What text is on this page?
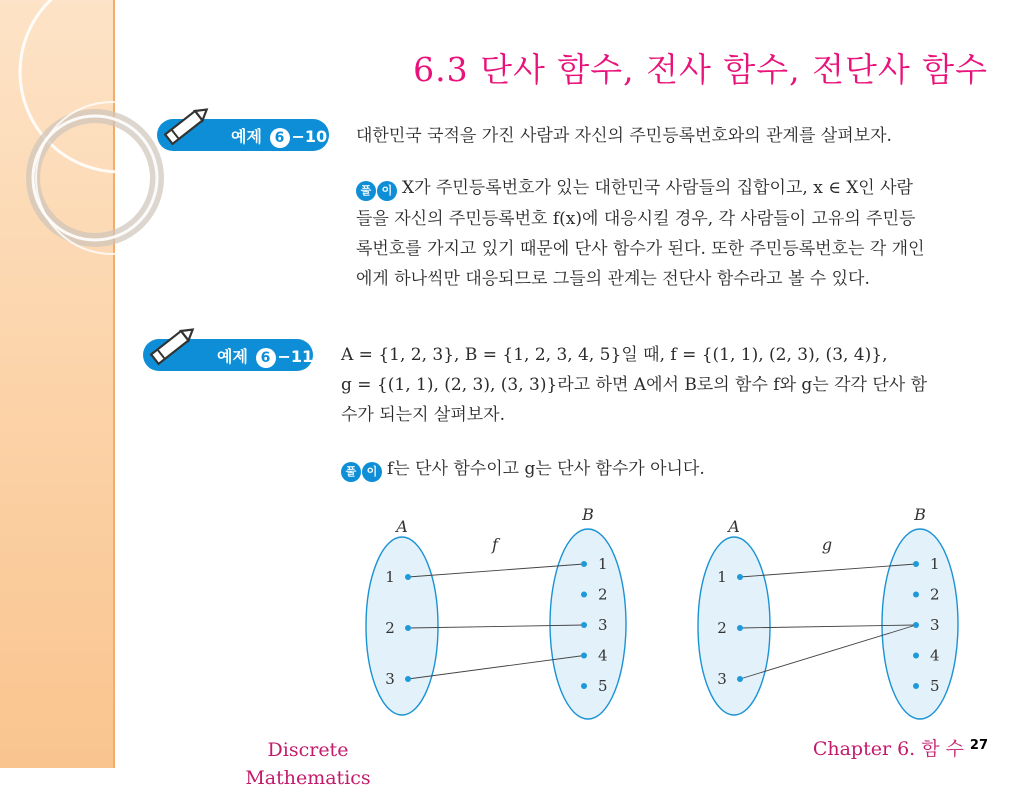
6.3 단사 함수, 전사 함수, 전단사 함수
예제 6 −10 대한민국 국적을 가진 사람과 자신의 주민등록번호와의 관계를 살펴보자.
풀 이 X가 주민등록번호가 있는 대한민국 사람들의 집합이고, x ∈ X인 사람
들을 자신의 주민등록번호 f(x)에 대응시킬 경우, 각 사람들이 고유의 주민등
록번호를 가지고 있기 때문에 단사 함수가 된다. 또한 주민등록번호는 각 개인
에게 하나씩만 대응되므로 그들의 관계는 전단사 함수라고 볼 수 있다.
예제 6 −11 A = {1, 2, 3}, B = {1, 2, 3, 4, 5}일 때, f = {(1, 1), (2, 3), (3, 4)},
g = {(1, 1), (2, 3), (3, 3)}라고 하면 A에서 B로의 함수 f와 g는 각각 단사 함
수가 되는지 살펴보자.
풀 이 f는 단사 함수이고 g는 단사 함수가 아니다.
A
B
f
1
2
3
1
2
3
4
5
A
B
g
1
2
3
1
2
3
4
5
Discrete Mathematics
Chapter 6. 함 수 27
